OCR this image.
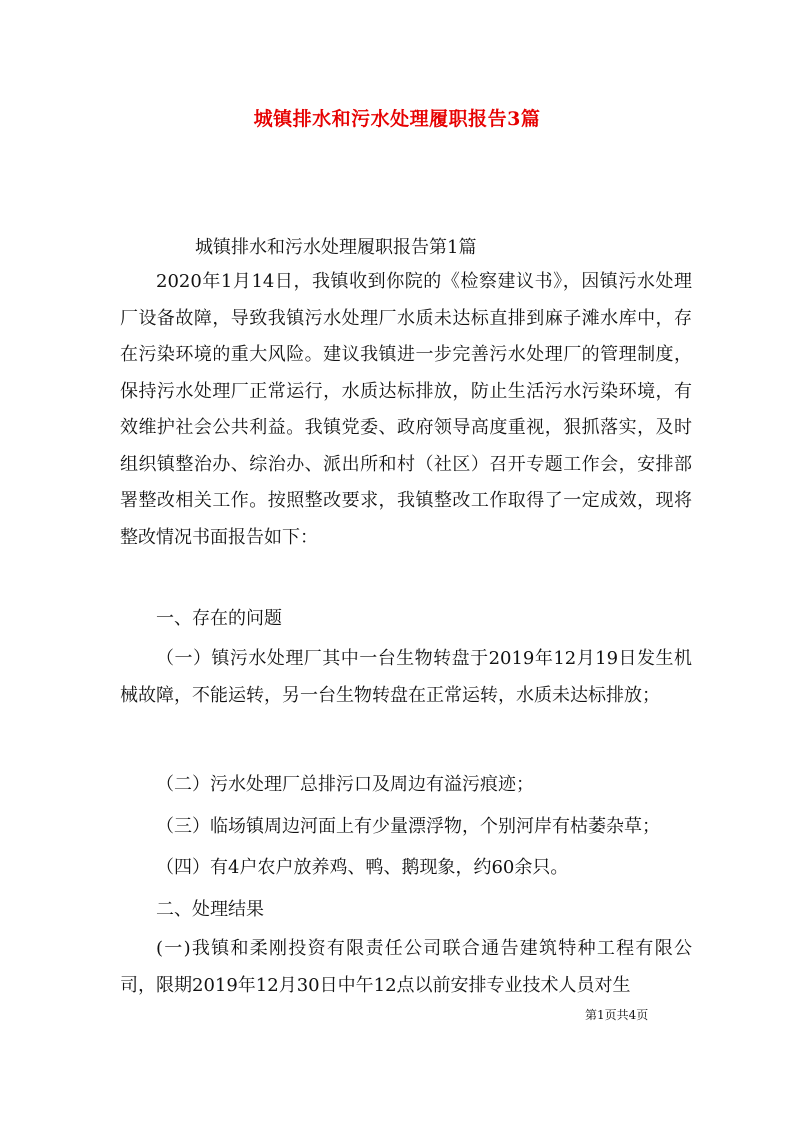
城镇排水和污水处理履职报告3篇
城镇排水和污水处理履职报告第1篇

2020年1月14日，我镇收到你院的《检察建议书》，因镇污水处理厂设备故障，导致我镇污水处理厂水质未达标直排到麻子滩水库中，存在污染环境的重大风险。建议我镇进一步完善污水处理厂的管理制度，保持污水处理厂正常运行，水质达标排放，防止生活污水污染环境，有效维护社会公共利益。我镇党委、政府领导高度重视，狠抓落实，及时组织镇整治办、综治办、派出所和村（社区）召开专题工作会，安排部署整改相关工作。按照整改要求，我镇整改工作取得了一定成效，现将整改情况书面报告如下：

一、存在的问题

（一）镇污水处理厂其中一台生物转盘于2019年12月19日发生机械故障，不能运转，另一台生物转盘在正常运转，水质未达标排放；

（二）污水处理厂总排污口及周边有溢污痕迹；
（三）临场镇周边河面上有少量漂浮物，个别河岸有枯萎杂草；
（四）有4户农户放养鸡、鸭、鹅现象，约60余只。
二、处理结果

(一)我镇和柔刚投资有限责任公司联合通告建筑特种工程有限公司，限期2019年12月30日中午12点以前安排专业技术人员对生

第1页共4页
